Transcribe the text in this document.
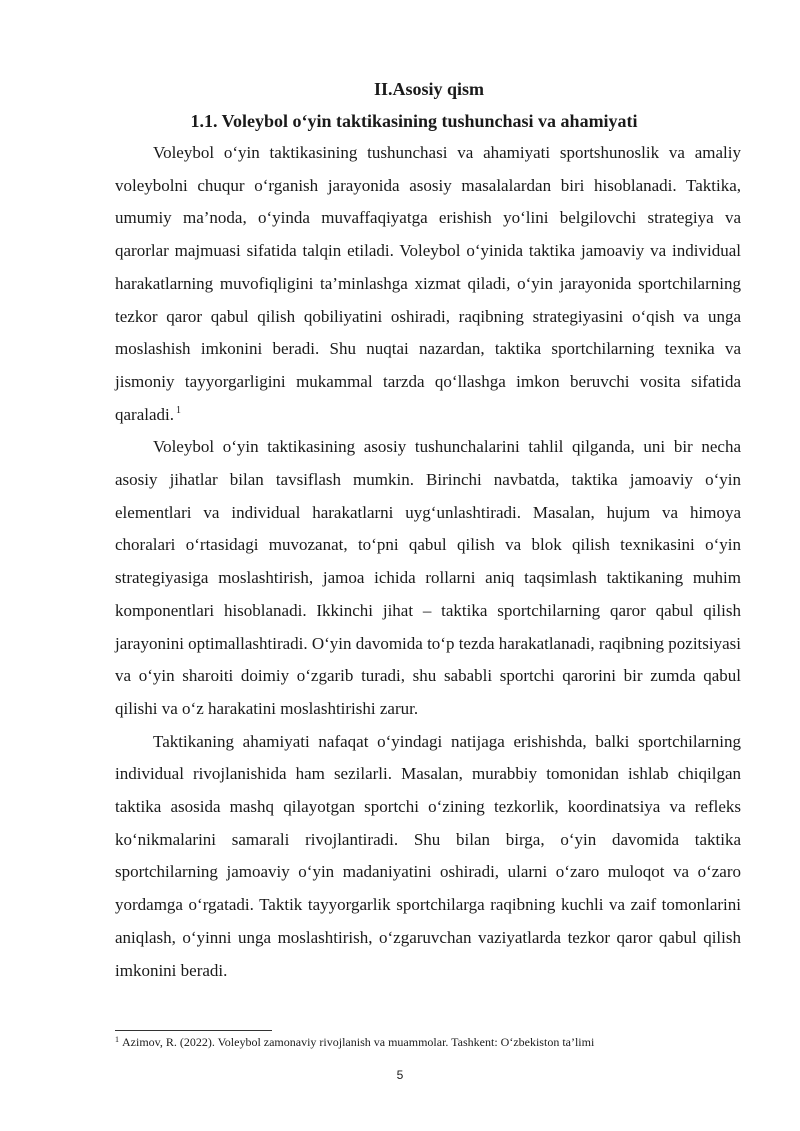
II.Asosiy qism
1.1. Voleybol o‘yin taktikasining tushunchasi va ahamiyati

Voleybol o‘yin taktikasining tushunchasi va ahamiyati sportshunoslik va amaliy voleybolni chuqur o‘rganish jarayonida asosiy masalalardan biri hisoblanadi. Taktika, umumiy ma’noda, o‘yinda muvaffaqiyatga erishish yo‘lini belgilovchi strategiya va qarorlar majmuasi sifatida talqin etiladi. Voleybol o‘yinida taktika jamoaviy va individual harakatlarning muvofiqligini ta’minlashga xizmat qiladi, o‘yin jarayonida sportchilarning tezkor qaror qabul qilish qobiliyatini oshiradi, raqibning strategiyasini o‘qish va unga moslashish imkonini beradi. Shu nuqtai nazardan, taktika sportchilarning texnika va jismoniy tayyorgarligini mukammal tarzda qo‘llashga imkon beruvchi vosita sifatida qaraladi. $^1$

Voleybol o‘yin taktikasining asosiy tushunchalarini tahlil qilganda, uni bir necha asosiy jihatlar bilan tavsiflash mumkin. Birinchi navbatda, taktika jamoaviy o‘yin elementlari va individual harakatlarni uyg‘unlashtiradi. Masalan, hujum va himoya choralari o‘rtasidagi muvozanat, to‘pni qabul qilish va blok qilish texnikasini o‘yin strategiyasiga moslashtirish, jamoa ichida rollarni aniq taqsimlash taktikaning muhim komponentlari hisoblanadi. Ikkinchi jihat – taktika sportchilarning qaror qabul qilish jarayonini optimallashtiradi. O‘yin davomida to‘p tezda harakatlanadi, raqibning pozitsiyasi va o‘yin sharoiti doimiy o‘zgarib turadi, shu sababli sportchi qarorini bir zumda qabul qilishi va o‘z harakatini moslashtirishi zarur.

Taktikaning ahamiyati nafaqat o‘yindagi natijaga erishishda, balki sportchilarning individual rivojlanishida ham sezilarli. Masalan, murabbiy tomonidan ishlab chiqilgan taktika asosida mashq qilayotgan sportchi o‘zining tezkorlik, koordinatsiya va refleks ko‘nikmalarini samarali rivojlantiradi. Shu bilan birga, o‘yin davomida taktika sportchilarning jamoaviy o‘yin madaniyatini oshiradi, ularni o‘zaro muloqot va o‘zaro yordamga o‘rgatadi. Taktik tayyorgarlik sportchilarga raqibning kuchli va zaif tomonlarini aniqlash, o‘yinni unga moslashtirish, o‘zgaruvchan vaziyatlarda tezkor qaror qabul qilish imkonini beradi.

$^1$ Azimov, R. (2022). Voleybol zamonaviy rivojlanish va muammolar. Tashkent: O‘zbekiston ta’limi

5
